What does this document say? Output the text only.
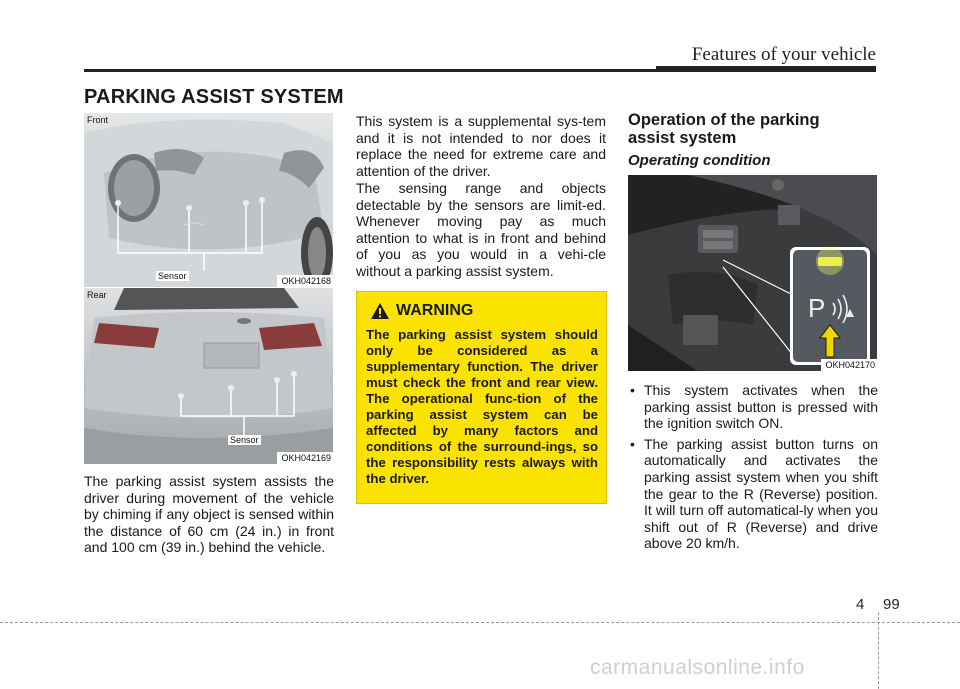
Features of your vehicle
PARKING ASSIST SYSTEM
Front
Sensor	OKH042168
Rear
Sensor
OKH042169
The parking assist system assists the driver during movement of the vehicle by chiming if any object is sensed within the distance of 60 cm (24 in.) in front and 100 cm (39 in.) behind the vehicle.
This system is a supplemental sys-tem and it is not intended to nor does it replace the need for extreme care and attention of the driver.
The sensing range and objects detectable by the sensors are limit-ed. Whenever moving pay as much attention to what is in front and behind of you as you would in a vehi-cle without a parking assist system.
WARNING
The parking assist system should only be considered as a supplementary function. The driver must check the front and rear view. The operational func-tion of the parking assist system can be affected by many factors and conditions of the surround-ings, so the responsibility rests always with the driver.
Operation of the parking
assist system
Operating condition
P
OKH042170
• This system activates when the parking assist button is pressed with the ignition switch ON.
• The parking assist button turns on automatically and activates the parking assist system when you shift the gear to the R (Reverse) position. It will turn off automatical-ly when you shift out of R (Reverse) and drive above 20 km/h.
4 99
carmanualsonline.info
